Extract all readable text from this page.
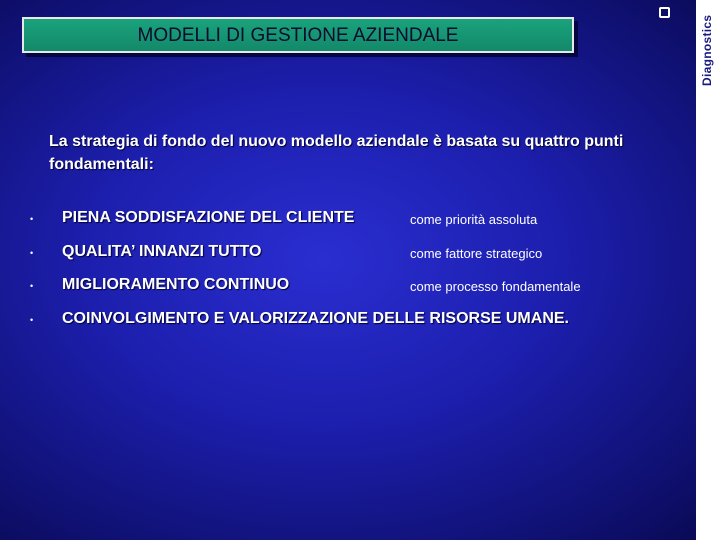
Diagnostics
MODELLI DI GESTIONE AZIENDALE
La strategia di fondo del nuovo modello aziendale è basata su quattro punti fondamentali:
• PIENA SODDISFAZIONE DEL CLIENTE	come priorità assoluta
• QUALITA’ INNANZI TUTTO	come fattore strategico
• MIGLIORAMENTO CONTINUO	come processo fondamentale
• COINVOLGIMENTO E VALORIZZAZIONE DELLE RISORSE UMANE.
